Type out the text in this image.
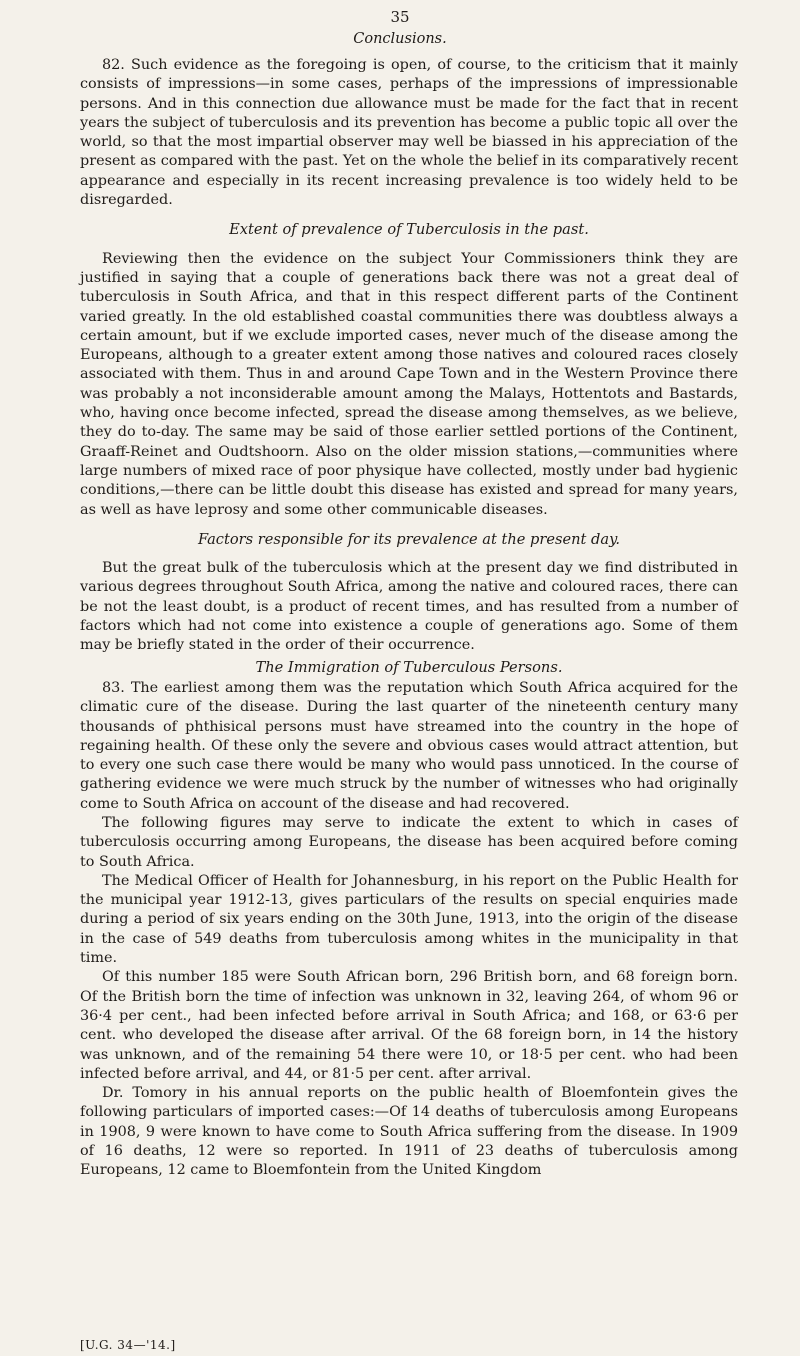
35
Conclusions.

82. Such evidence as the foregoing is open, of course, to the criticism that it mainly consists of impressions—in some cases, perhaps of the impressions of impressionable persons. And in this connection due allowance must be made for the fact that in recent years the subject of tuberculosis and its prevention has become a public topic all over the world, so that the most impartial observer may well be biassed in his appreciation of the present as compared with the past. Yet on the whole the belief in its comparatively recent appearance and especially in its recent increasing prevalence is too widely held to be disregarded.

Extent of prevalence of Tuberculosis in the past.

Reviewing then the evidence on the subject Your Commissioners think they are justified in saying that a couple of generations back there was not a great deal of tuberculosis in South Africa, and that in this respect different parts of the Continent varied greatly. In the old established coastal communities there was doubtless always a certain amount, but if we exclude imported cases, never much of the disease among the Europeans, although to a greater extent among those natives and coloured races closely associated with them. Thus in and around Cape Town and in the Western Province there was probably a not inconsiderable amount among the Malays, Hottentots and Bastards, who, having once become infected, spread the disease among themselves, as we believe, they do to-day. The same may be said of those earlier settled portions of the Continent, Graaff-Reinet and Oudtshoorn. Also on the older mission stations,—communities where large numbers of mixed race of poor physique have collected, mostly under bad hygienic conditions,—there can be little doubt this disease has existed and spread for many years, as well as have leprosy and some other communicable diseases.

Factors responsible for its prevalence at the present day.

But the great bulk of the tuberculosis which at the present day we find distributed in various degrees throughout South Africa, among the native and coloured races, there can be not the least doubt, is a product of recent times, and has resulted from a number of factors which had not come into existence a couple of generations ago. Some of them may be briefly stated in the order of their occurrence.

The Immigration of Tuberculous Persons.

83. The earliest among them was the reputation which South Africa acquired for the climatic cure of the disease. During the last quarter of the nineteenth century many thousands of phthisical persons must have streamed into the country in the hope of regaining health. Of these only the severe and obvious cases would attract attention, but to every one such case there would be many who would pass unnoticed. In the course of gathering evidence we were much struck by the number of witnesses who had originally come to South Africa on account of the disease and had recovered.

The following figures may serve to indicate the extent to which in cases of tuberculosis occurring among Europeans, the disease has been acquired before coming to South Africa.

The Medical Officer of Health for Johannesburg, in his report on the Public Health for the municipal year 1912-13, gives particulars of the results on special enquiries made during a period of six years ending on the 30th June, 1913, into the origin of the disease in the case of 549 deaths from tuberculosis among whites in the municipality in that time.

Of this number 185 were South African born, 296 British born, and 68 foreign born. Of the British born the time of infection was unknown in 32, leaving 264, of whom 96 or 36·4 per cent., had been infected before arrival in South Africa; and 168, or 63·6 per cent. who developed the disease after arrival. Of the 68 foreign born, in 14 the history was unknown, and of the remaining 54 there were 10, or 18·5 per cent. who had been infected before arrival, and 44, or 81·5 per cent. after arrival.

Dr. Tomory in his annual reports on the public health of Bloemfontein gives the following particulars of imported cases:—Of 14 deaths of tuberculosis among Europeans in 1908, 9 were known to have come to South Africa suffering from the disease. In 1909 of 16 deaths, 12 were so reported. In 1911 of 23 deaths of tuberculosis among Europeans, 12 came to Bloemfontein from the United Kingdom

[U.G. 34—'14.]
